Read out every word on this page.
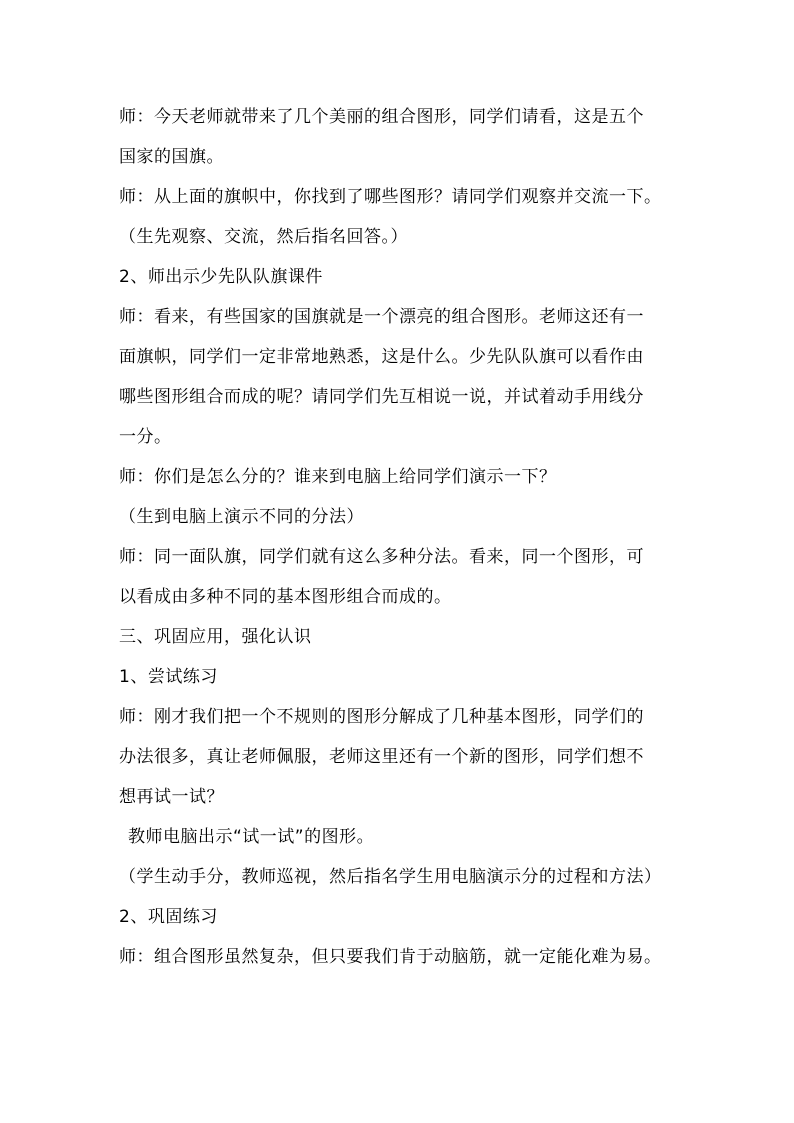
师：今天老师就带来了几个美丽的组合图形，同学们请看，这是五个
国家的国旗。
师：从上面的旗帜中，你找到了哪些图形？请同学们观察并交流一下。
（生先观察、交流，然后指名回答。）
2、师出示少先队队旗课件
师：看来，有些国家的国旗就是一个漂亮的组合图形。老师这还有一
面旗帜，同学们一定非常地熟悉，这是什么。少先队队旗可以看作由
哪些图形组合而成的呢？请同学们先互相说一说，并试着动手用线分
一分。
师：你们是怎么分的？谁来到电脑上给同学们演示一下？
（生到电脑上演示不同的分法）
师：同一面队旗，同学们就有这么多种分法。看来，同一个图形，可
以看成由多种不同的基本图形组合而成的。
三、巩固应用，强化认识
1、尝试练习
师：刚才我们把一个不规则的图形分解成了几种基本图形，同学们的
办法很多，真让老师佩服，老师这里还有一个新的图形，同学们想不
想再试一试？
教师电脑出示“试一试”的图形。
（学生动手分，教师巡视，然后指名学生用电脑演示分的过程和方法）
2、巩固练习
师：组合图形虽然复杂，但只要我们肯于动脑筋，就一定能化难为易。
